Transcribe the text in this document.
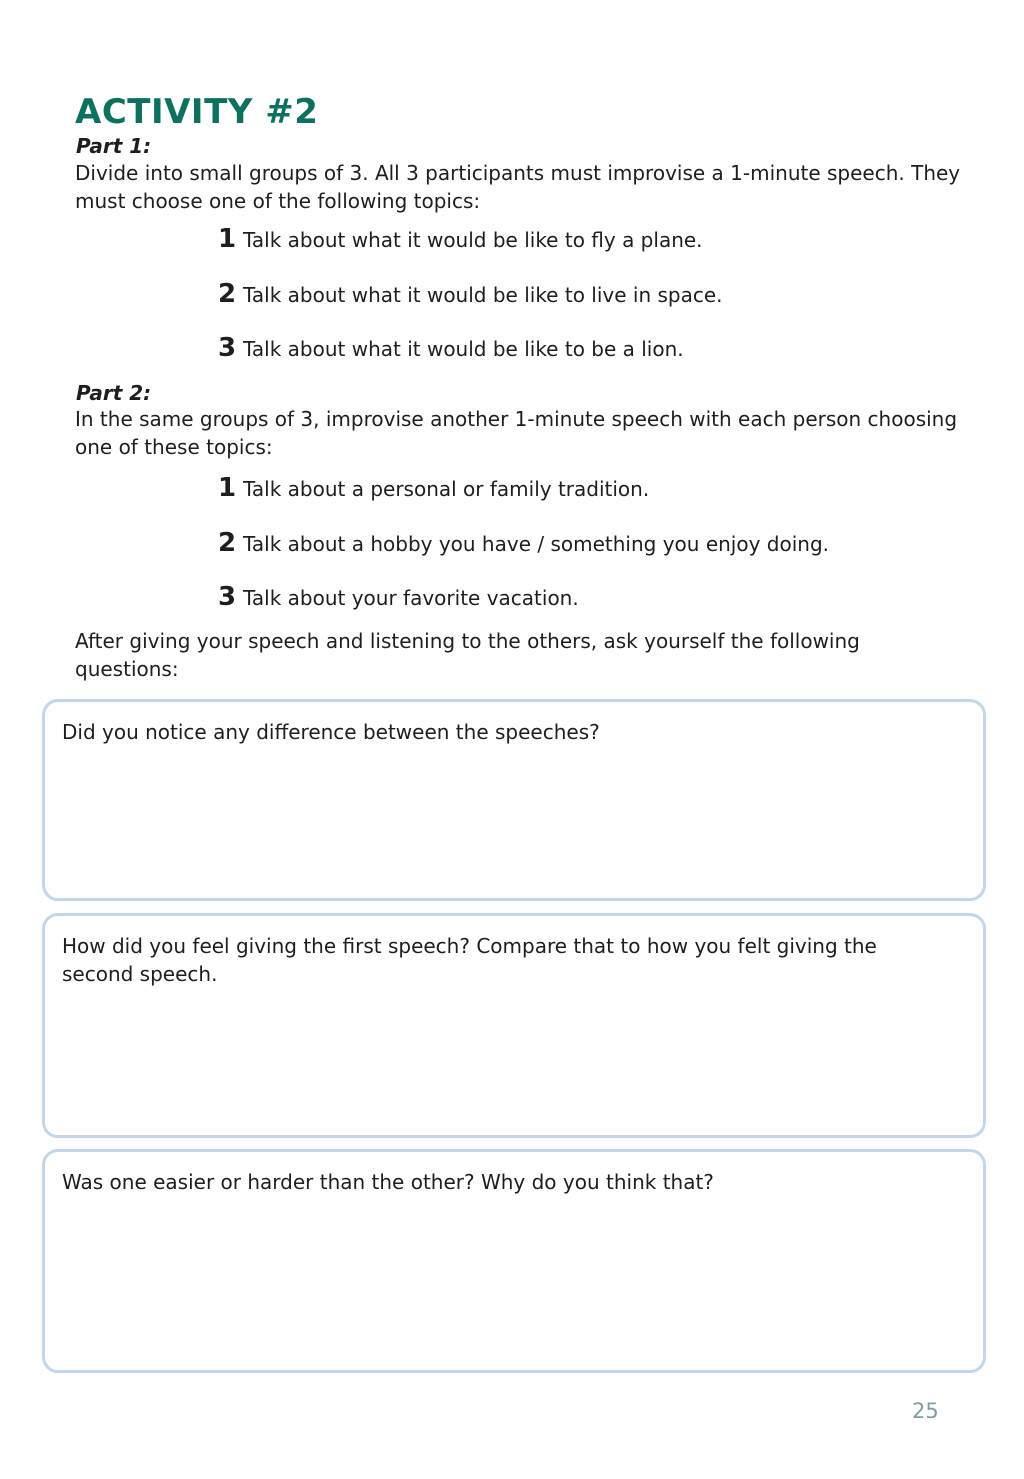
ACTIVITY #2

Part 1:

Divide into small groups of 3. All 3 participants must improvise a 1-minute speech. They must choose one of the following topics:

1 Talk about what it would be like to fly a plane.
2 Talk about what it would be like to live in space.
3 Talk about what it would be like to be a lion.

Part 2:

In the same groups of 3, improvise another 1-minute speech with each person choosing one of these topics:

1 Talk about a personal or family tradition.
2 Talk about a hobby you have / something you enjoy doing.
3 Talk about your favorite vacation.

After giving your speech and listening to the others, ask yourself the following questions:

Did you notice any difference between the speeches?

How did you feel giving the first speech? Compare that to how you felt giving the second speech.

Was one easier or harder than the other? Why do you think that?

25
